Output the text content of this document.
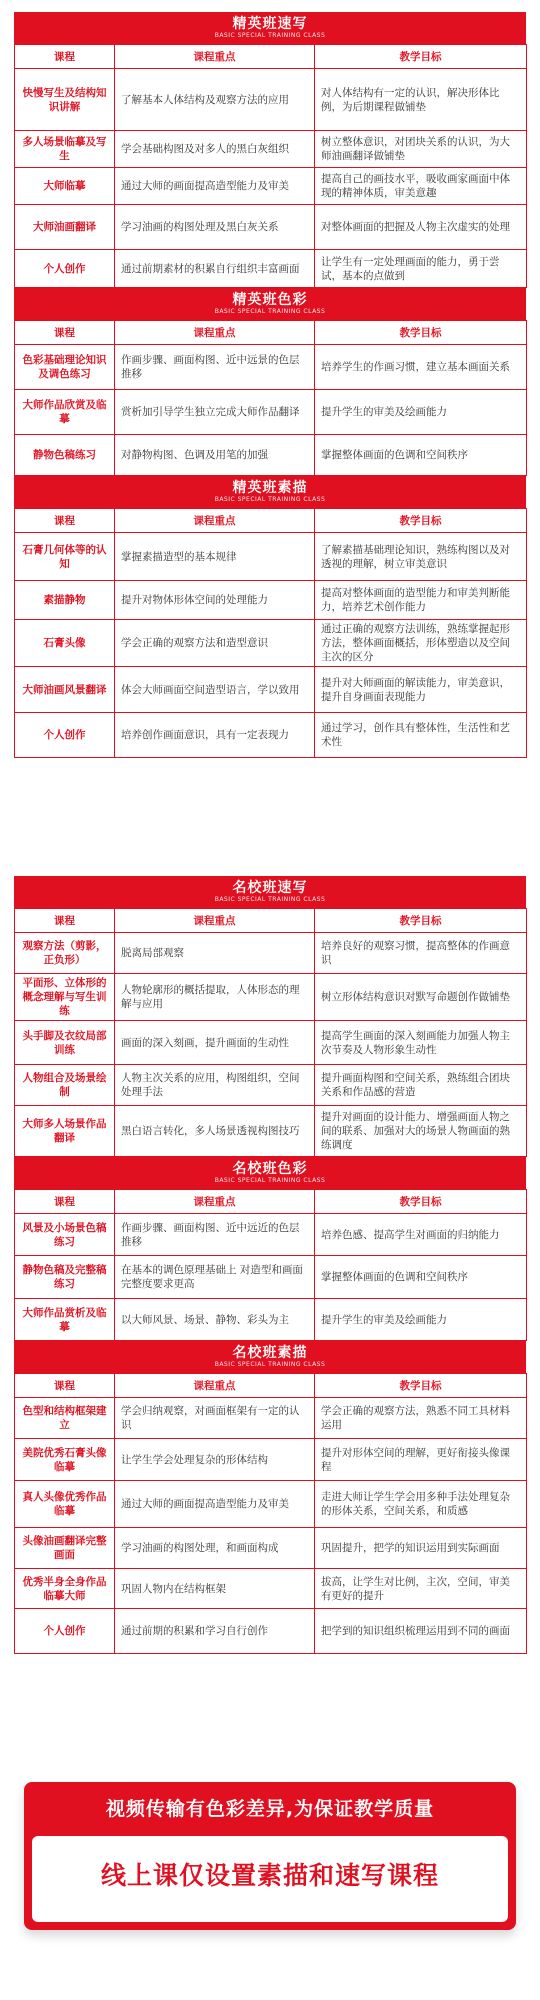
精英班速写
BASIC SPECIAL TRAINING CLASS
课程	课程重点	教学目标
快慢写生及结构知识讲解	了解基本人体结构及观察方法的应用	对人体结构有一定的认识，解决形体比例，为后期课程做铺垫
多人场景临摹及写生	学会基础构图及对多人的黑白灰组织	树立整体意识，对团块关系的认识，为大师油画翻译做铺垫
大师临摹	通过大师的画面提高造型能力及审美	提高自己的画技水平，吸收画家画面中体现的精神体质，审美意趣
大师油画翻译	学习油画的构图处理及黑白灰关系	对整体画面的把握及人物主次虚实的处理
个人创作	通过前期素材的积累自行组织丰富画面	让学生有一定处理画面的能力，勇于尝试，基本的点做到
精英班色彩
BASIC SPECIAL TRAINING CLASS
课程	课程重点	教学目标
色彩基础理论知识及调色练习	作画步骤、画面构图、近中远景的色层推移	培养学生的作画习惯，建立基本画面关系
大师作品欣赏及临摹	赏析加引导学生独立完成大师作品翻译	提升学生的审美及绘画能力
静物色稿练习	对静物构图、色调及用笔的加强	掌握整体画面的色调和空间秩序
精英班素描
BASIC SPECIAL TRAINING CLASS
课程	课程重点	教学目标
石膏几何体等的认知	掌握素描造型的基本规律	了解素描基础理论知识，熟练构图以及对透视的理解，树立审美意识
素描静物	提升对物体形体空间的处理能力	提高对整体画面的造型能力和审美判断能力，培养艺术创作能力
石膏头像	学会正确的观察方法和造型意识	通过正确的观察方法训练，熟练掌握起形方法，整体画面概括，形体塑造以及空间主次的区分
大师油画风景翻译	体会大师画面空间造型语言，学以致用	提升对大师画面的解读能力，审美意识，提升自身画面表现能力
个人创作	培养创作画面意识，具有一定表现力	通过学习，创作具有整体性，生活性和艺术性
名校班速写
BASIC SPECIAL TRAINING CLASS
课程	课程重点	教学目标
观察方法（剪影，正负形）	脱离局部观察	培养良好的观察习惯，提高整体的作画意识
平面形、立体形的概念理解与写生训练	人物轮廓形的概括提取，人体形态的理解与应用	树立形体结构意识对默写命题创作做铺垫
头手脚及衣纹局部训练	画面的深入刻画，提升画面的生动性	提高学生画面的深入刻画能力加强人物主次节奏及人物形象生动性
人物组合及场景绘制	人物主次关系的应用，构图组织，空间处理手法	提升画面构图和空间关系，熟练组合团块关系和作品感的营造
大师多人场景作品翻译	黑白语言转化，多人场景透视构图技巧	提升对画面的设计能力、增强画面人物之间的联系、加强对大的场景人物画面的熟练调度
名校班色彩
BASIC SPECIAL TRAINING CLASS
课程	课程重点	教学目标
风景及小场景色稿练习	作画步骤、画面构图、近中远近的色层推移	培养色感、提高学生对画面的归纳能力
静物色稿及完整稿练习	在基本的调色原理基础上 对造型和画面完整度要求更高	掌握整体画面的色调和空间秩序
大师作品赏析及临摹	以大师风景、场景、静物、彩头为主	提升学生的审美及绘画能力
名校班素描
BASIC SPECIAL TRAINING CLASS
课程	课程重点	教学目标
色型和结构框架建立	学会归纳观察，对画面框架有一定的认识	学会正确的观察方法，熟悉不同工具材料运用
美院优秀石膏头像临摹	让学生学会处理复杂的形体结构	提升对形体空间的理解，更好衔接头像课程
真人头像优秀作品临摹	通过大师的画面提高造型能力及审美	走进大师让学生学会用多种手法处理复杂的形体关系，空间关系，和质感
头像油画翻译完整画面	学习油画的构图处理，和画面构成	巩固提升，把学的知识运用到实际画面
优秀半身全身作品临摹大师	巩固人物内在结构框架	拔高，让学生对比例，主次，空间，审美有更好的提升
个人创作	通过前期的积累和学习自行创作	把学到的知识组织梳理运用到不同的画面
视频传输有色彩差异,为保证教学质量
线上课仅设置素描和速写课程
